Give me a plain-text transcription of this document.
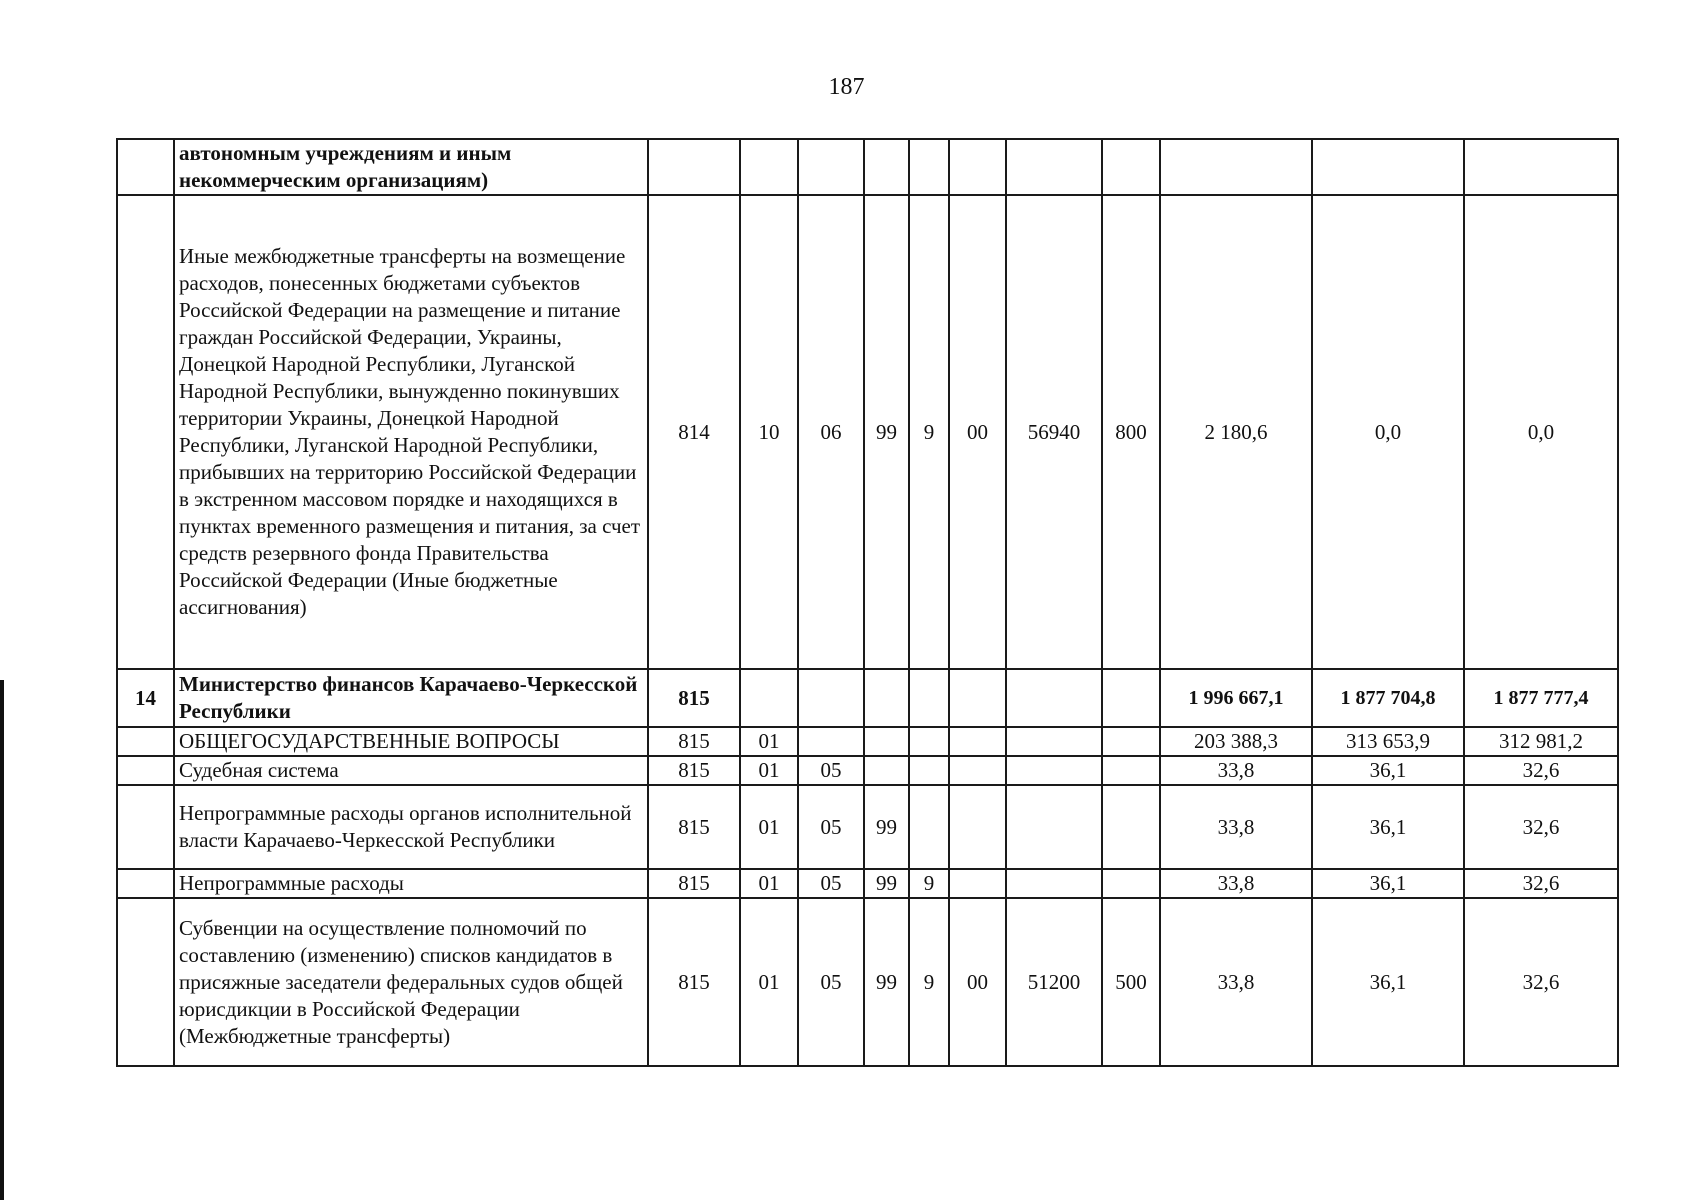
187
	автономным учреждениям и иным некоммерческим организациям)											
	Иные межбюджетные трансферты на возмещение расходов, понесенных бюджетами субъектов Российской Федерации на размещение и питание граждан Российской Федерации, Украины, Донецкой Народной Республики, Луганской Народной Республики, вынужденно покинувших территории Украины, Донецкой Народной Республики, Луганской Народной Республики, прибывших на территорию Российской Федерации в экстренном массовом порядке и находящихся в пунктах временного размещения и питания, за счет средств резервного фонда Правительства Российской Федерации (Иные бюджетные ассигнования)	814	10	06	99	9	00	56940	800	2 180,6	0,0	0,0
14	Министерство финансов Карачаево-Черкесской Республики	815								1 996 667,1	1 877 704,8	1 877 777,4
	ОБЩЕГОСУДАРСТВЕННЫЕ ВОПРОСЫ	815	01							203 388,3	313 653,9	312 981,2
	Судебная система	815	01	05						33,8	36,1	32,6
	Непрограммные расходы органов исполнительной власти Карачаево-Черкесской Республики	815	01	05	99					33,8	36,1	32,6
	Непрограммные расходы	815	01	05	99	9				33,8	36,1	32,6
	Субвенции на осуществление полномочий по составлению (изменению) списков кандидатов в присяжные заседатели федеральных судов общей юрисдикции в Российской Федерации (Межбюджетные трансферты)	815	01	05	99	9	00	51200	500	33,8	36,1	32,6
